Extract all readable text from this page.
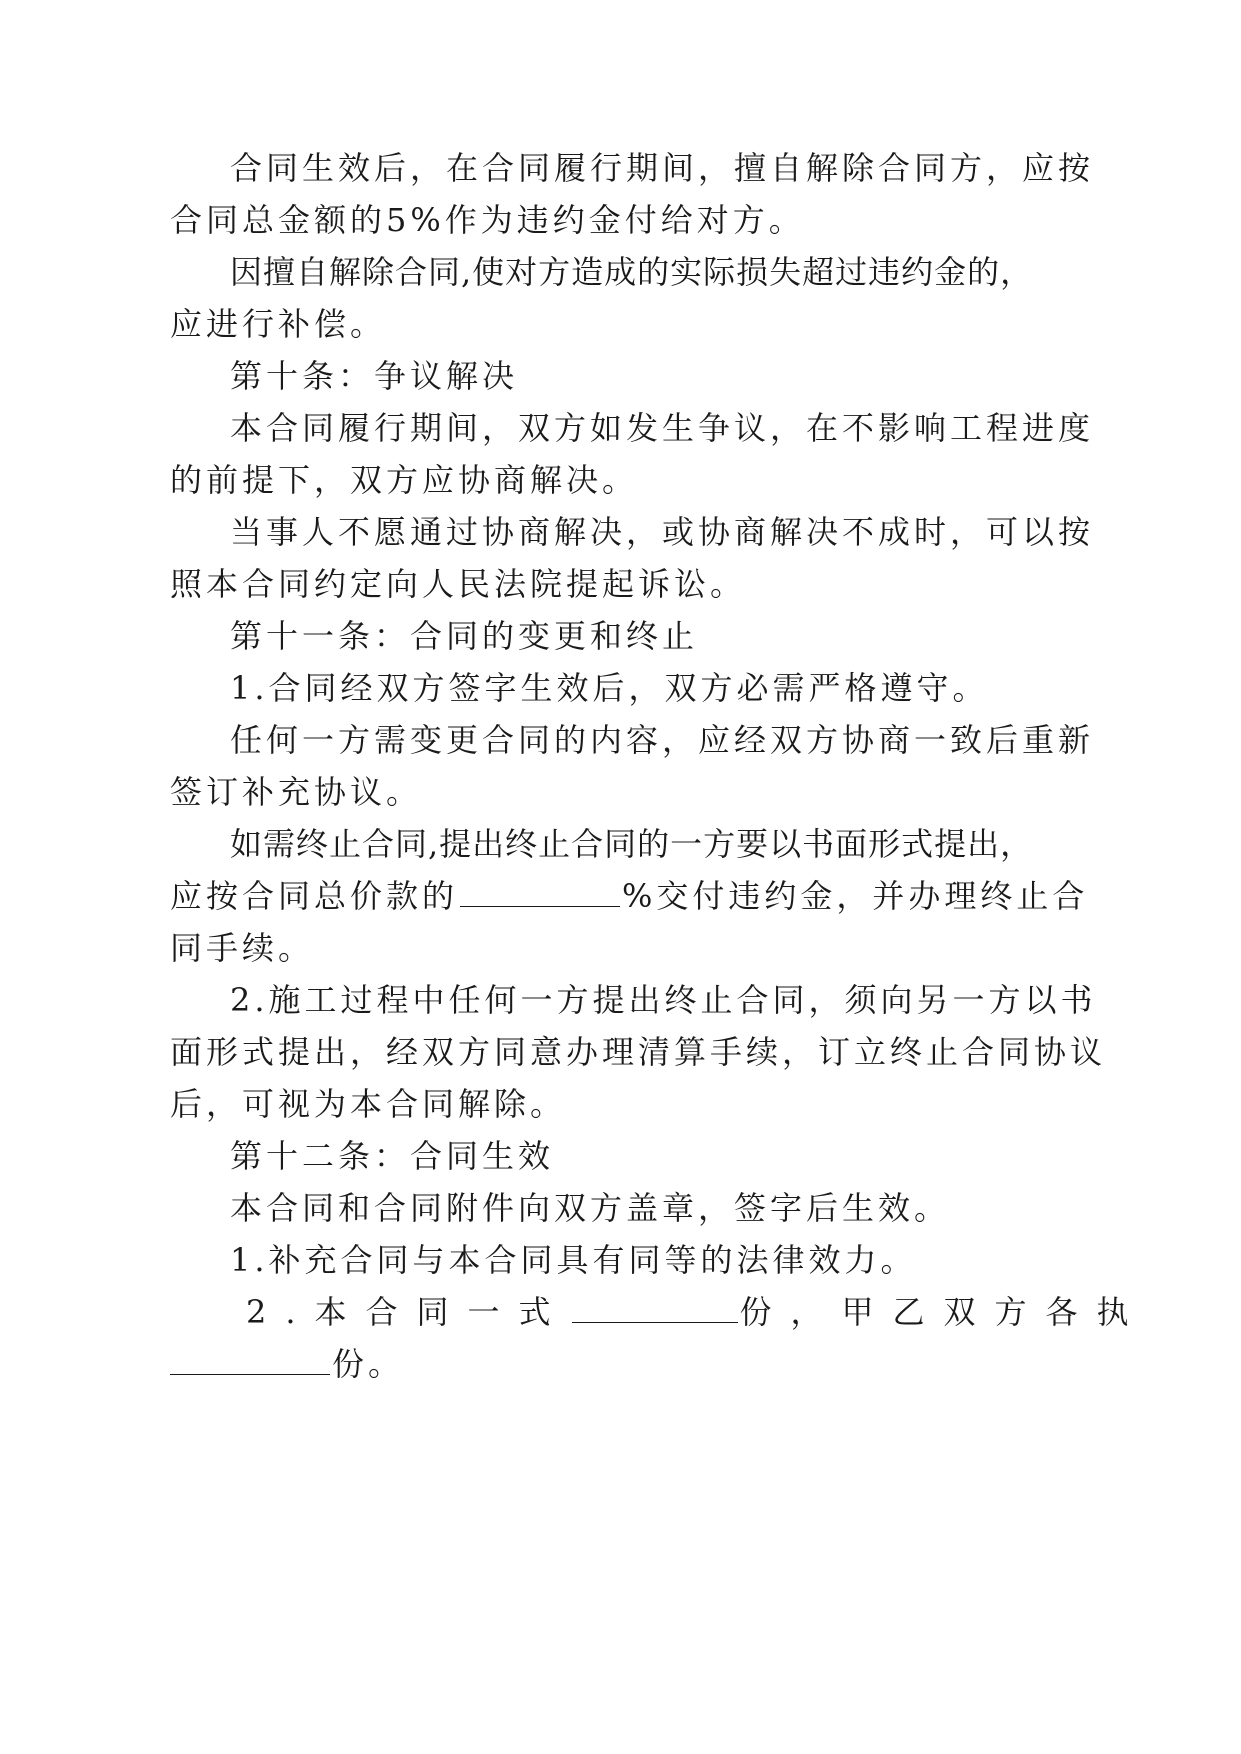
合同生效后，在合同履行期间，擅自解除合同方，应按
合同总金额的5%作为违约金付给对方。
因擅自解除合同,使对方造成的实际损失超过违约金的，
应进行补偿。
第十条：争议解决
本合同履行期间，双方如发生争议，在不影响工程进度
的前提下，双方应协商解决。
当事人不愿通过协商解决，或协商解决不成时，可以按
照本合同约定向人民法院提起诉讼。
第十一条：合同的变更和终止
1.合同经双方签字生效后，双方必需严格遵守。
任何一方需变更合同的内容，应经双方协商一致后重新
签订补充协议。
如需终止合同,提出终止合同的一方要以书面形式提出，
应按合同总价款的	%交付违约金，并办理终止合
同手续。
2.施工过程中任何一方提出终止合同，须向另一方以书
面形式提出，经双方同意办理清算手续，订立终止合同协议
后，可视为本合同解除。
第十二条：合同生效
本合同和合同附件向双方盖章，签字后生效。
1.补充合同与本合同具有同等的法律效力。
2.本合同一式	份，甲乙双方各执
份。
